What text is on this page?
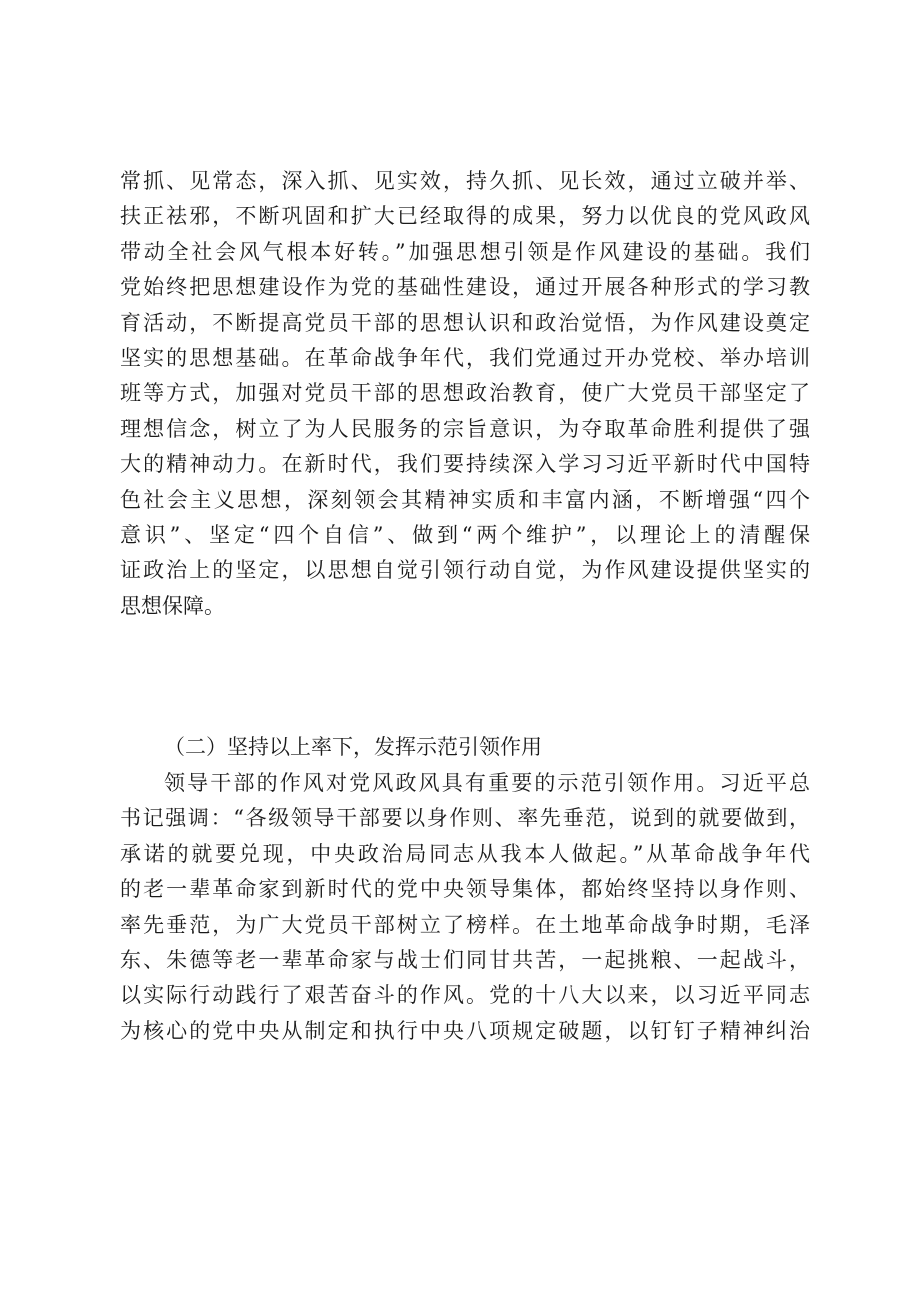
常抓、见常态，深入抓、见实效，持久抓、见长效，通过立破并举、
扶正祛邪，不断巩固和扩大已经取得的成果，努力以优良的党风政风
带动全社会风气根本好转。”加强思想引领是作风建设的基础。我们
党始终把思想建设作为党的基础性建设，通过开展各种形式的学习教
育活动，不断提高党员干部的思想认识和政治觉悟，为作风建设奠定
坚实的思想基础。在革命战争年代，我们党通过开办党校、举办培训
班等方式，加强对党员干部的思想政治教育，使广大党员干部坚定了
理想信念，树立了为人民服务的宗旨意识，为夺取革命胜利提供了强
大的精神动力。在新时代，我们要持续深入学习习近平新时代中国特
色社会主义思想，深刻领会其精神实质和丰富内涵，不断增强“四个
意识”、坚定“四个自信”、做到“两个维护”，以理论上的清醒保
证政治上的坚定，以思想自觉引领行动自觉，为作风建设提供坚实的
思想保障。
（二）坚持以上率下，发挥示范引领作用
领导干部的作风对党风政风具有重要的示范引领作用。习近平总
书记强调：“各级领导干部要以身作则、率先垂范，说到的就要做到，
承诺的就要兑现，中央政治局同志从我本人做起。”从革命战争年代
的老一辈革命家到新时代的党中央领导集体，都始终坚持以身作则、
率先垂范，为广大党员干部树立了榜样。在土地革命战争时期，毛泽
东、朱德等老一辈革命家与战士们同甘共苦，一起挑粮、一起战斗，
以实际行动践行了艰苦奋斗的作风。党的十八大以来，以习近平同志
为核心的党中央从制定和执行中央八项规定破题，以钉钉子精神纠治
